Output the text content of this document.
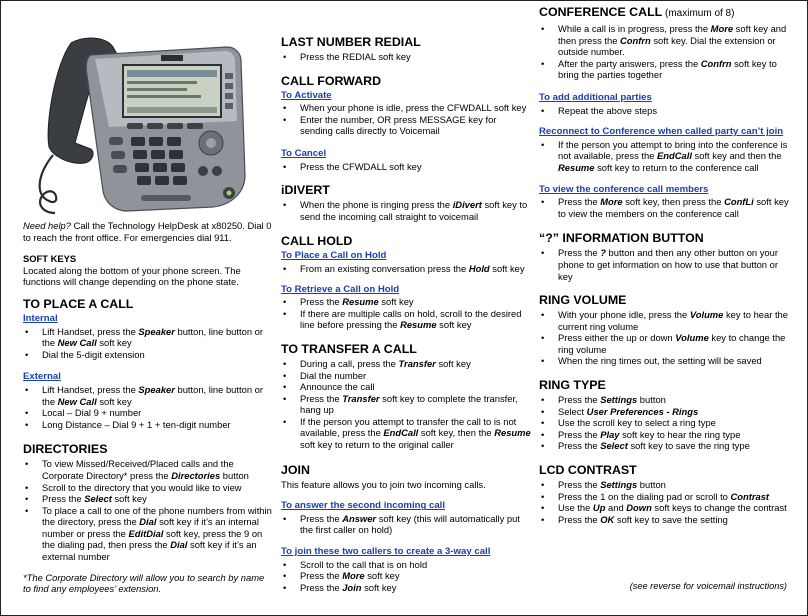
Need help? Call the Technology HelpDesk at x80250. Dial 0 to reach the front office. For emergencies dial 911.

SOFT KEYS

Located along the bottom of your phone screen. The functions will change depending on the phone state.

TO PLACE A CALL
Internal
• Lift Handset, press the Speaker button, line button or the New Call soft key
• Dial the 5-digit extension
External
• Lift Handset, press the Speaker button, line button or the New Call soft key
• Local – Dial 9 + number
• Long Distance – Dial 9 + 1 + ten-digit number
DIRECTORIES
• To view Missed/Received/Placed calls and the Corporate Directory* press the Directories button
• Scroll to the directory that you would like to view
• Press the Select soft key
• To place a call to one of the phone numbers from within the directory, press the Dial soft key if it’s an internal number or press the EditDial soft key, press the 9 on the dialing pad, then press the Dial soft key if it’s an external number

*The Corporate Directory will allow you to search by name to find any employees’ extension.

LAST NUMBER REDIAL
• Press the REDIAL soft key
CALL FORWARD
To Activate
• When your phone is idle, press the CFWDALL soft key
• Enter the number, OR press MESSAGE key for sending calls directly to Voicemail
To Cancel
• Press the CFWDALL soft key
iDIVERT
• When the phone is ringing press the iDivert soft key to send the incoming call straight to voicemail
CALL HOLD
To Place a Call on Hold
• From an existing conversation press the Hold soft key
To Retrieve a Call on Hold
• Press the Resume soft key
• If there are multiple calls on hold, scroll to the desired line before pressing the Resume soft key
TO TRANSFER A CALL
• During a call, press the Transfer soft key
• Dial the number
• Announce the call
• Press the Transfer soft key to complete the transfer, hang up
• If the person you attempt to transfer the call to is not available, press the EndCall soft key, then the Resume soft key to return to the original caller
JOIN

This feature allows you to join two incoming calls.

To answer the second incoming call
• Press the Answer soft key (this will automatically put the first caller on hold)
To join these two callers to create a 3-way call
• Scroll to the call that is on hold
• Press the More soft key
• Press the Join soft key
CONFERENCE CALL (maximum of 8)
• While a call is in progress, press the More soft key and then press the Confrn soft key. Dial the extension or outside number.
• After the party answers, press the Confrn soft key to bring the parties together
To add additional parties
• Repeat the above steps
Reconnect to Conference when called party can’t join
• If the person you attempt to bring into the conference is not available, press the EndCall soft key and then the Resume soft key to return to the conference call
To view the conference call members
• Press the More soft key, then press the ConfLi soft key to view the members on the conference call
“?” INFORMATION BUTTON
• Press the ? button and then any other button on your phone to get information on how to use that button or key
RING VOLUME
• With your phone idle, press the Volume key to hear the current ring volume
• Press either the up or down Volume key to change the ring volume
• When the ring times out, the setting will be saved
RING TYPE
• Press the Settings button
• Select User Preferences - Rings
• Use the scroll key to select a ring type
• Press the Play soft key to hear the ring type
• Press the Select soft key to save the ring type
LCD CONTRAST
• Press the Settings button
• Press the 1 on the dialing pad or scroll to Contrast
• Use the Up and Down soft keys to change the contrast
• Press the OK soft key to save the setting
(see reverse for voicemail instructions)
